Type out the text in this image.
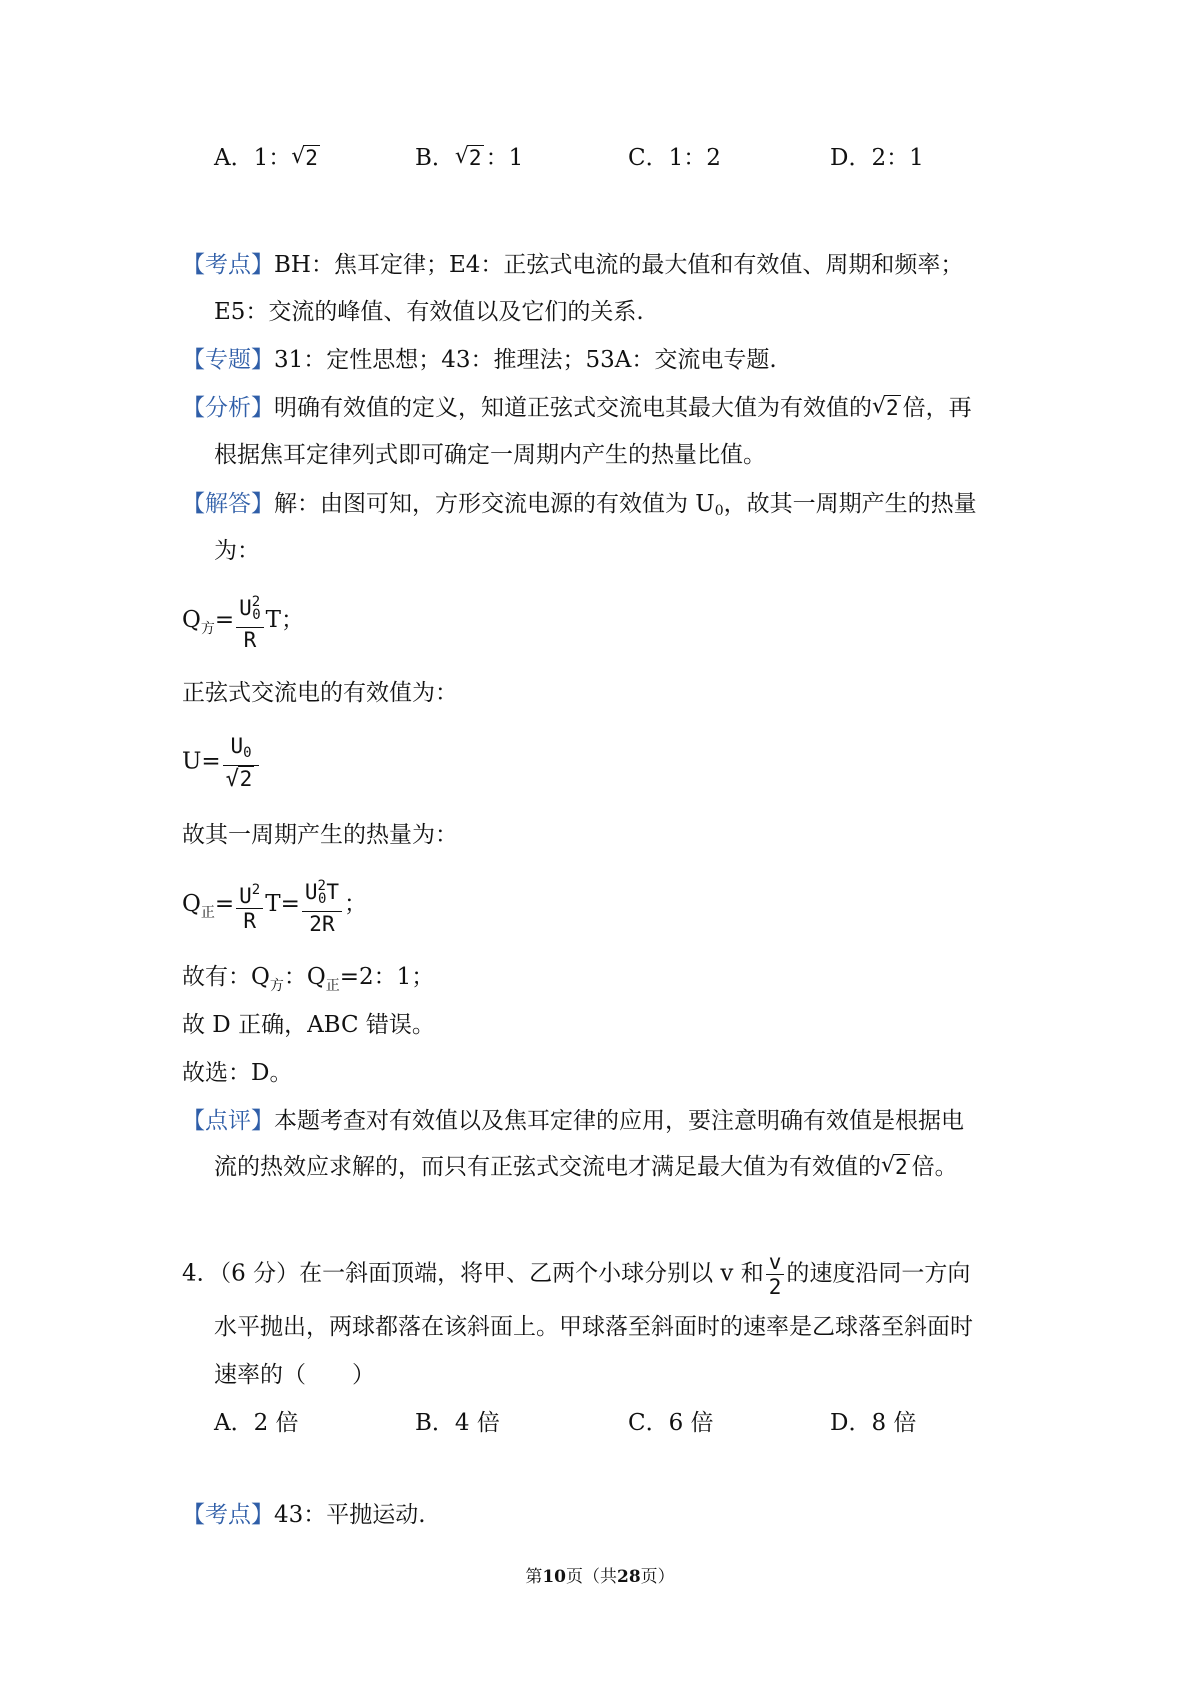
A．1： √ 2	B． √ 2 ：1	C．1：2	D．2：1
【考点】BH：焦耳定律；E4：正弦式电流的最大值和有效值、周期和频率；
E5：交流的峰值、有效值以及它们的关系.
【专题】31：定性思想；43：推理法；53A：交流电专题.
【分析】明确有效值的定义，知道正弦式交流电其最大值为有效值的 √ 2 倍，再
根据焦耳定律列式即可确定一周期内产生的热量比值。
【解答】解：由图可知，方形交流电源的有效值为 $U_0$，故其一周期产生的热量
为：
$Q_方= \frac{U^2_0}{R}$ T；
正弦式交流电的有效值为：
$U= \frac{U_0}{√ 2}$
故其一周期产生的热量为：
$Q_正= \frac{U^2}{R} T= \frac{U^2_0T}{2R}$ ；
故有：$Q_方$：$Q_正=2$：1；
故 D 正确，ABC 错误。
故选：D。
【点评】本题考查对有效值以及焦耳定律的应用，要注意明确有效值是根据电
流的热效应求解的，而只有正弦式交流电才满足最大值为有效值的 √ 2 倍。
4．（6 分）在一斜面顶端，将甲、乙两个小球分别以 v 和 $\frac{v}{2}$ 的速度沿同一方向
水平抛出，两球都落在该斜面上。甲球落至斜面时的速率是乙球落至斜面时
速率的（　　）
A．2 倍	B．4 倍	C．6 倍	D．8 倍
【考点】43：平抛运动.
第10页（共28页）
